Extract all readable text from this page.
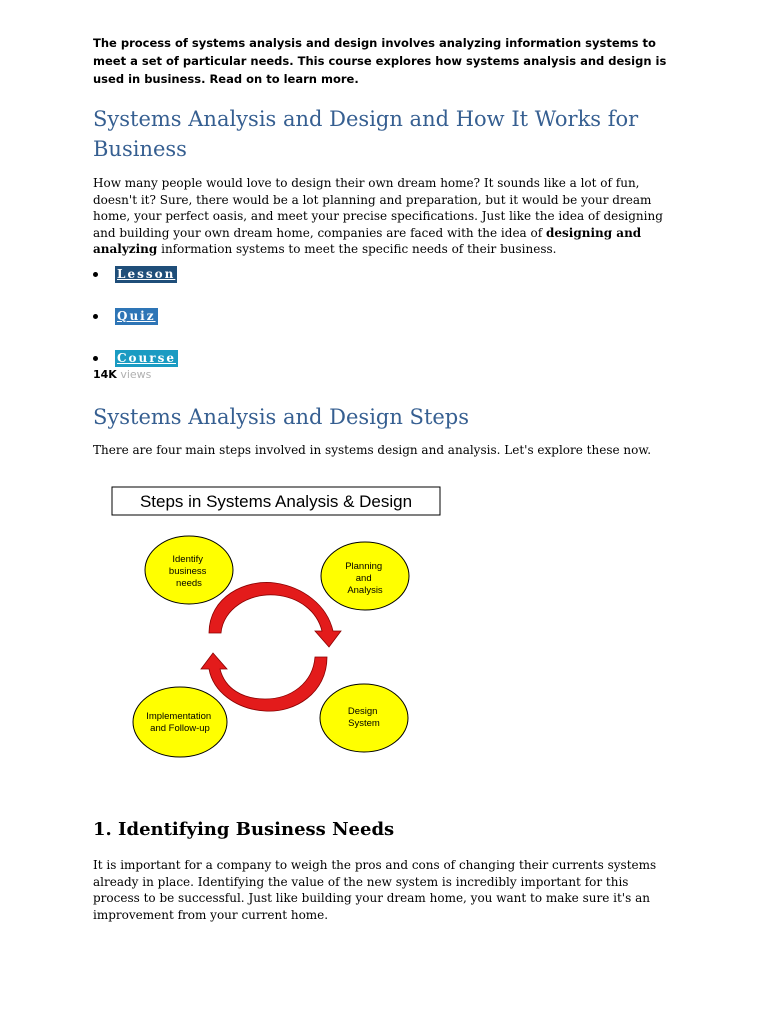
The process of systems analysis and design involves analyzing information systems to meet a set of particular needs. This course explores how systems analysis and design is used in business. Read on to learn more.

Systems Analysis and Design and How It Works for Business

How many people would love to design their own dream home? It sounds like a lot of fun, doesn't it? Sure, there would be a lot planning and preparation, but it would be your dream home, your perfect oasis, and meet your precise specifications. Just like the idea of designing and building your own dream home, companies are faced with the idea of designing and analyzing information systems to meet the specific needs of their business.

Lesson
Quiz
Course
14K views
Systems Analysis and Design Steps

There are four main steps involved in systems design and analysis. Let's explore these now.

Steps in Systems Analysis & Design
Identify business needs
Planning and Analysis
Design System
Implementation and Follow-up
1. Identifying Business Needs

It is important for a company to weigh the pros and cons of changing their currents systems already in place. Identifying the value of the new system is incredibly important for this process to be successful. Just like building your dream home, you want to make sure it's an improvement from your current home.
